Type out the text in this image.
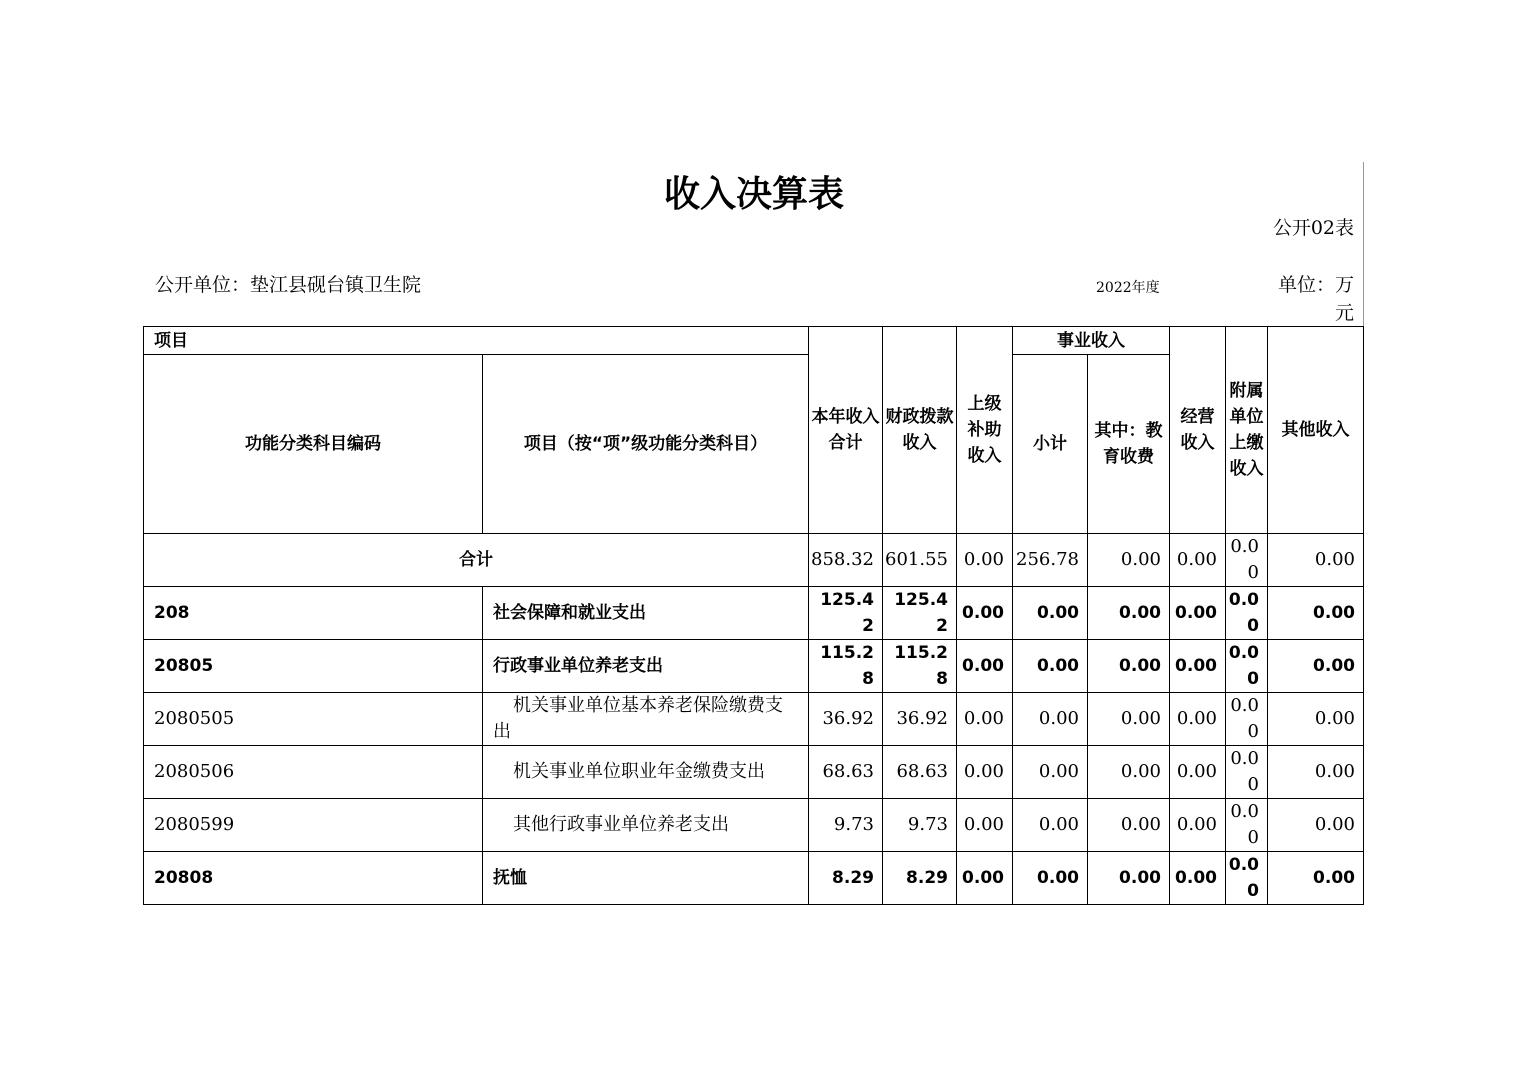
收入决算表
公开02表
公开单位：垫江县砚台镇卫生院	2022年度	单位：万元
项目		本年收入合计	财政拨款收入	上级补助收入	事业收入		经营收入	附属单位上缴收入	其他收入
功能分类科目编码	项目（按“项”级功能分类科目）				小计	其中：教育收费			
合计		858.32	601.55	0.00	256.78	0.00	0.00	0.00	0.00
208	社会保障和就业支出	125.42	125.42	0.00	0.00	0.00	0.00	0.00	0.00
20805	行政事业单位养老支出	115.28	115.28	0.00	0.00	0.00	0.00	0.00	0.00
2080505	机关事业单位基本养老保险缴费支出	36.92	36.92	0.00	0.00	0.00	0.00	0.00	0.00
2080506	机关事业单位职业年金缴费支出	68.63	68.63	0.00	0.00	0.00	0.00	0.00	0.00
2080599	其他行政事业单位养老支出	9.73	9.73	0.00	0.00	0.00	0.00	0.00	0.00
20808	抚恤	8.29	8.29	0.00	0.00	0.00	0.00	0.00	0.00
